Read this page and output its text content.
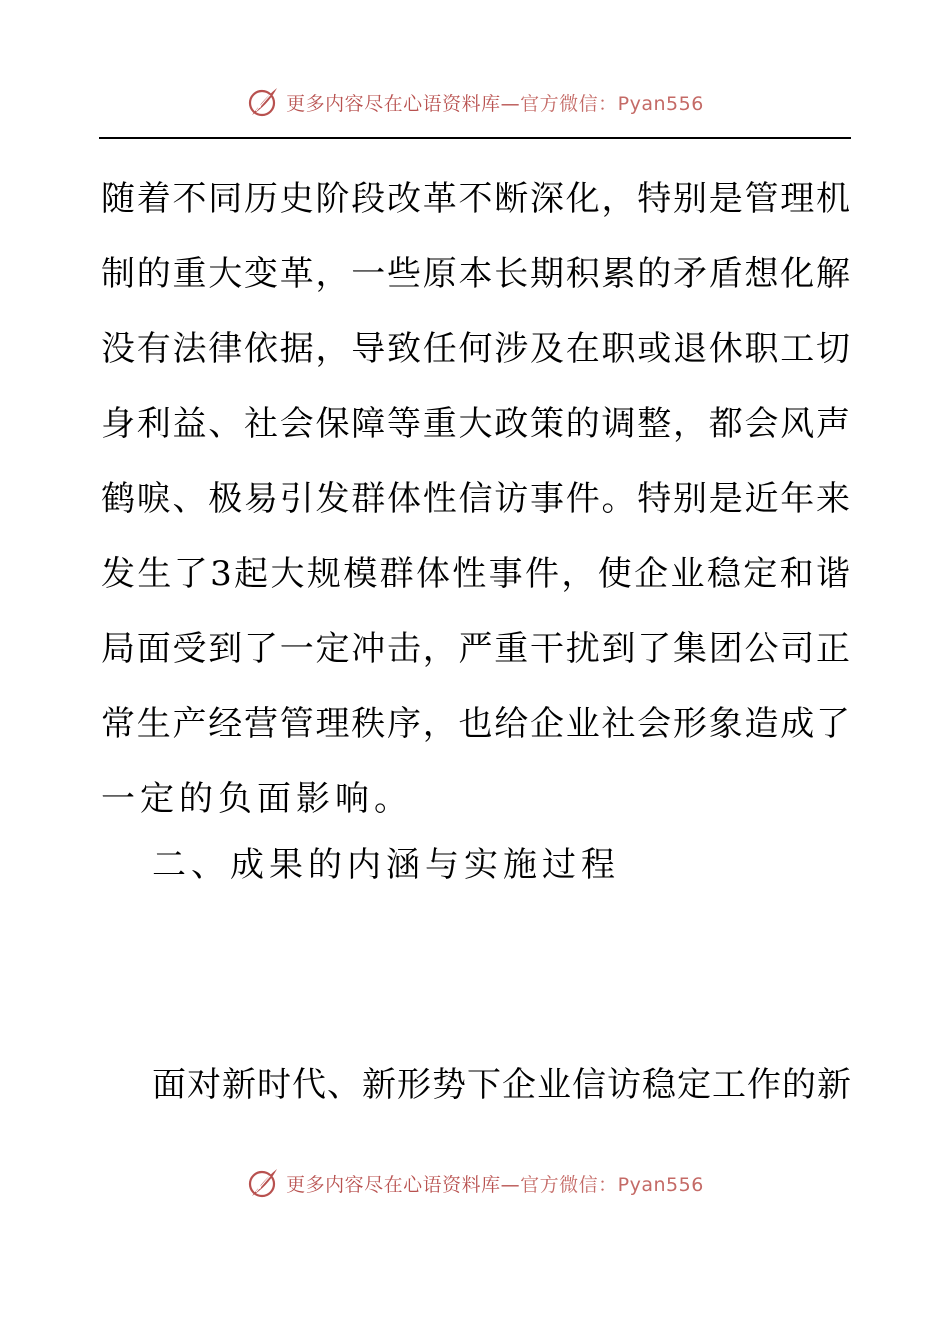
更多内容尽在心语资料库—官方微信：Pyan556
随着不同历史阶段改革不断深化，特别是管理机
制的重大变革，一些原本长期积累的矛盾想化解
没有法律依据，导致任何涉及在职或退休职工切
身利益、社会保障等重大政策的调整，都会风声
鹤唳、极易引发群体性信访事件。特别是近年来
发生了3起大规模群体性事件，使企业稳定和谐
局面受到了一定冲击，严重干扰到了集团公司正
常生产经营管理秩序，也给企业社会形象造成了
一定的负面影响。
二、成果的内涵与实施过程
面对新时代、新形势下企业信访稳定工作的新
更多内容尽在心语资料库—官方微信：Pyan556
